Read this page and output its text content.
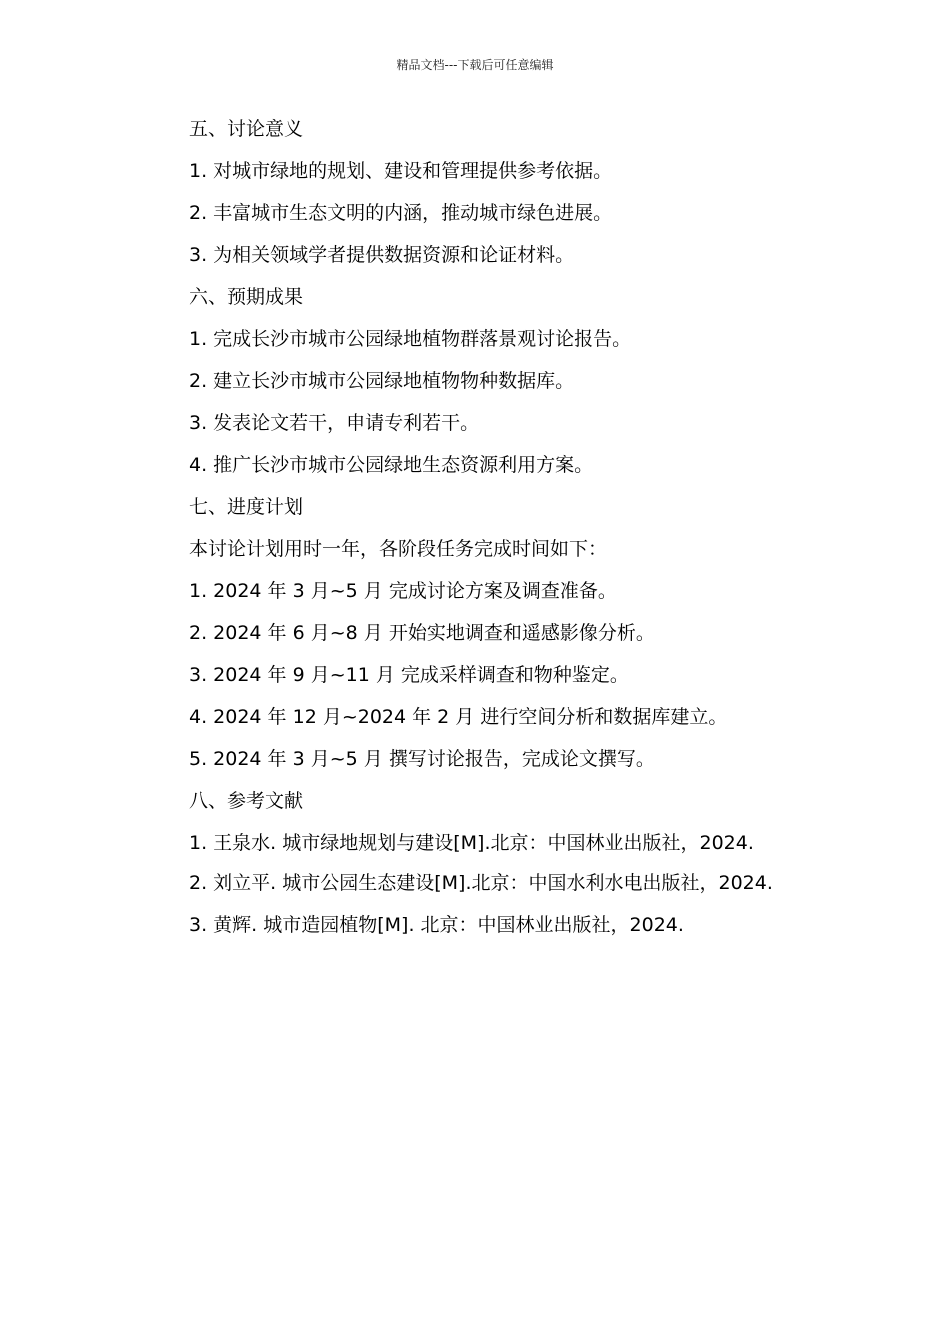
精品文档---下载后可任意编辑
五、讨论意义
1. 对城市绿地的规划、建设和管理提供参考依据。
2. 丰富城市生态文明的内涵，推动城市绿色进展。
3. 为相关领域学者提供数据资源和论证材料。
六、预期成果
1. 完成长沙市城市公园绿地植物群落景观讨论报告。
2. 建立长沙市城市公园绿地植物物种数据库。
3. 发表论文若干，申请专利若干。
4. 推广长沙市城市公园绿地生态资源利用方案。
七、进度计划
本讨论计划用时一年，各阶段任务完成时间如下：
1. 2024 年 3 月~5 月 完成讨论方案及调查准备。
2. 2024 年 6 月~8 月 开始实地调查和遥感影像分析。
3. 2024 年 9 月~11 月 完成采样调查和物种鉴定。
4. 2024 年 12 月~2024 年 2 月 进行空间分析和数据库建立。
5. 2024 年 3 月~5 月 撰写讨论报告，完成论文撰写。
八、参考文献
1. 王泉水. 城市绿地规划与建设[M].北京：中国林业出版社，2024.
2. 刘立平. 城市公园生态建设[M].北京：中国水利水电出版社，2024.
3. 黄辉. 城市造园植物[M]. 北京：中国林业出版社，2024.
